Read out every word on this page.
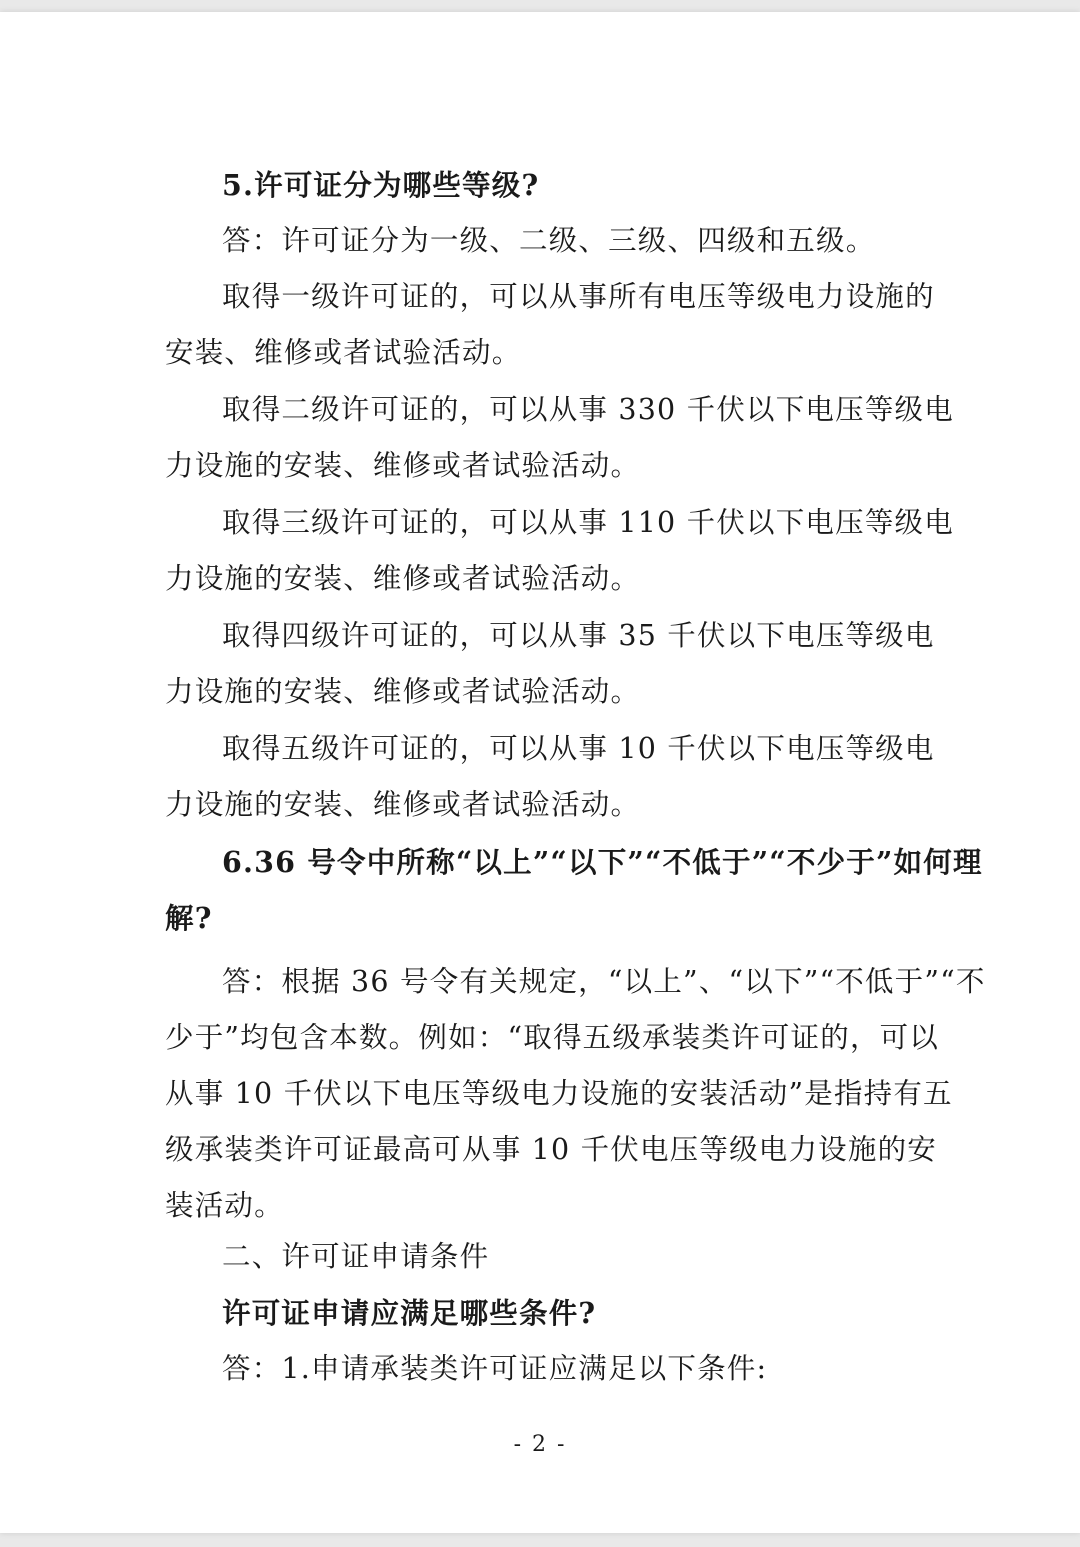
5.许可证分为哪些等级?
答：许可证分为一级、二级、三级、四级和五级。
取得一级许可证的，可以从事所有电压等级电力设施的
安装、维修或者试验活动。
取得二级许可证的，可以从事 330 千伏以下电压等级电
力设施的安装、维修或者试验活动。
取得三级许可证的，可以从事 110 千伏以下电压等级电
力设施的安装、维修或者试验活动。
取得四级许可证的，可以从事 35 千伏以下电压等级电
力设施的安装、维修或者试验活动。
取得五级许可证的，可以从事 10 千伏以下电压等级电
力设施的安装、维修或者试验活动。
6.36 号令中所称“以上”“以下”“不低于”“不少于”如何理
解?
答：根据 36 号令有关规定，“以上”、“以下”“不低于”“不
少于”均包含本数。例如：“取得五级承装类许可证的，可以
从事 10 千伏以下电压等级电力设施的安装活动”是指持有五
级承装类许可证最高可从事 10 千伏电压等级电力设施的安
装活动。
二、许可证申请条件
许可证申请应满足哪些条件?
答：1.申请承装类许可证应满足以下条件:
- 2 -
